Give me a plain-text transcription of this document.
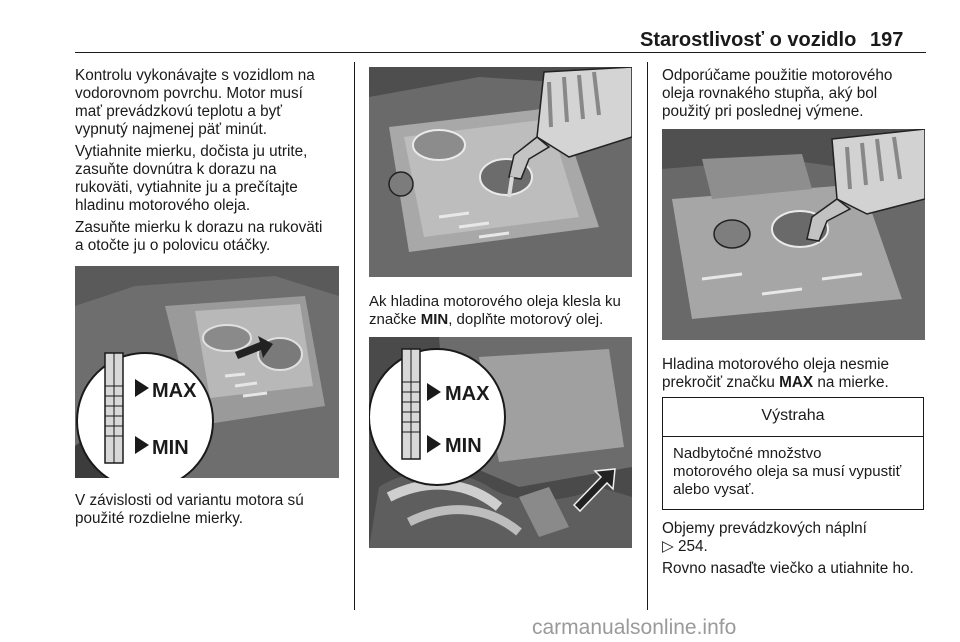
Starostlivosť o vozidlo 197
Kontrolu vykonávajte s vozidlom na
vodorovnom povrchu. Motor musí
mať prevádzkovú teplotu a byť
vypnutý najmenej päť minút.
Vytiahnite mierku, dočista ju utrite,
zasuňte dovnútra k dorazu na
rukoväti, vytiahnite ju a prečítajte
hladinu motorového oleja.
Zasuňte mierku k dorazu na rukoväti
a otočte ju o polovicu otáčky.
MAX
MIN
V závislosti od variantu motora sú
použité rozdielne mierky.
Ak hladina motorového oleja klesla ku
značke MIN, doplňte motorový olej.
MAX
MIN
Odporúčame použitie motorového
oleja rovnakého stupňa, aký bol
použitý pri poslednej výmene.
Hladina motorového oleja nesmie
prekročiť značku MAX na mierke.
Výstraha
Nadbytočné množstvo
motorového oleja sa musí vypustiť
alebo vysať.
Objemy prevádzkových náplní
▷ 254.
Rovno nasaďte viečko a utiahnite ho.
carmanualsonline.info
